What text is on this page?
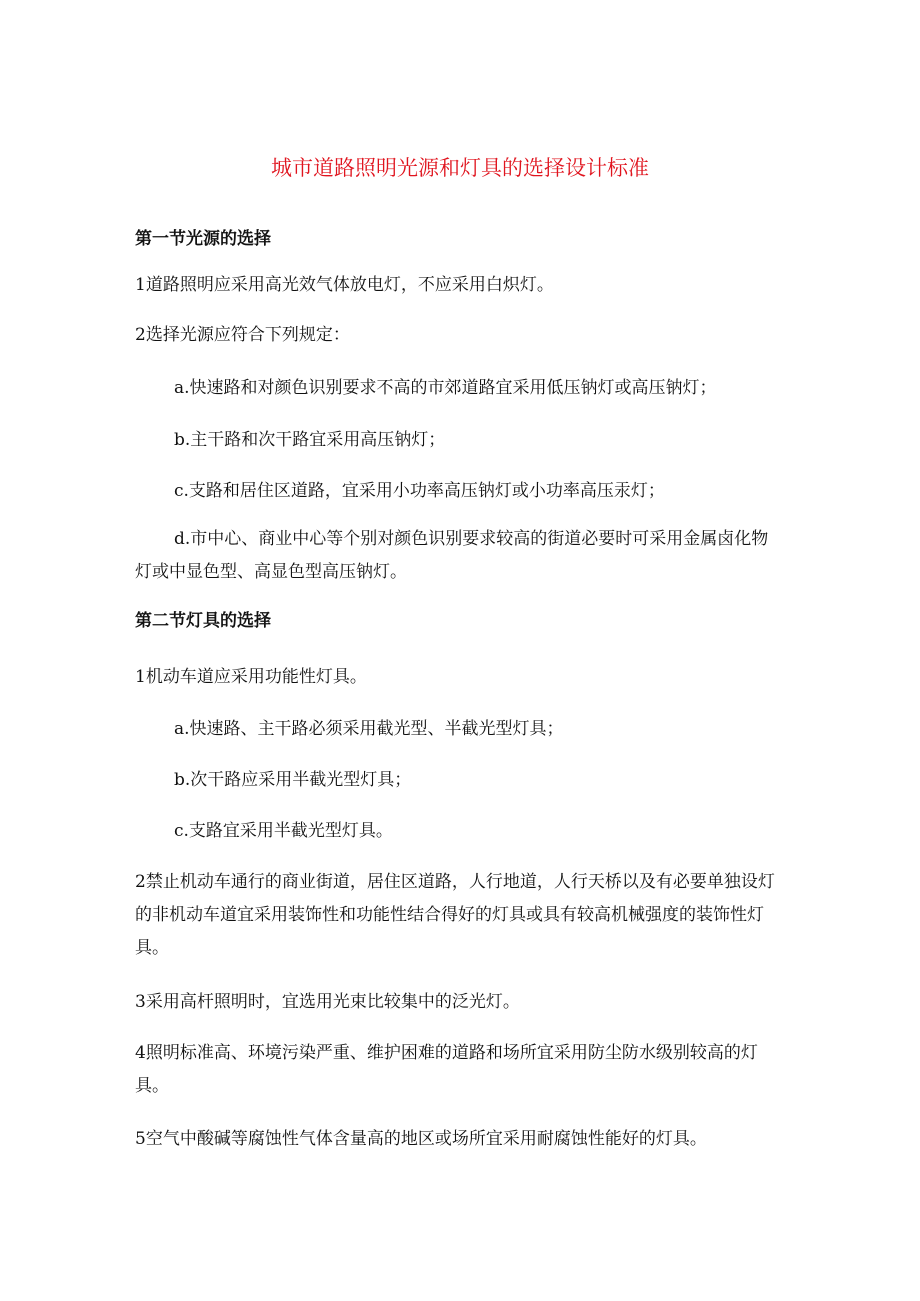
城市道路照明光源和灯具的选择设计标准
第一节光源的选择
1道路照明应采用高光效气体放电灯，不应采用白炽灯。
2选择光源应符合下列规定：
a.快速路和对颜色识别要求不高的市郊道路宜采用低压钠灯或高压钠灯；
b.主干路和次干路宜采用高压钠灯；
c.支路和居住区道路，宜采用小功率高压钠灯或小功率高压汞灯；
d.市中心、商业中心等个别对颜色识别要求较高的街道必要时可采用金属卤化物灯或中显色型、高显色型高压钠灯。
第二节灯具的选择
1机动车道应采用功能性灯具。
a.快速路、主干路必须采用截光型、半截光型灯具；
b.次干路应采用半截光型灯具；
c.支路宜采用半截光型灯具。
2禁止机动车通行的商业街道，居住区道路，人行地道，人行天桥以及有必要单独设灯的非机动车道宜采用装饰性和功能性结合得好的灯具或具有较高机械强度的装饰性灯具。
3采用高杆照明时，宜选用光束比较集中的泛光灯。
4照明标准高、环境污染严重、维护困难的道路和场所宜采用防尘防水级别较高的灯具。
5空气中酸碱等腐蚀性气体含量高的地区或场所宜采用耐腐蚀性能好的灯具。
